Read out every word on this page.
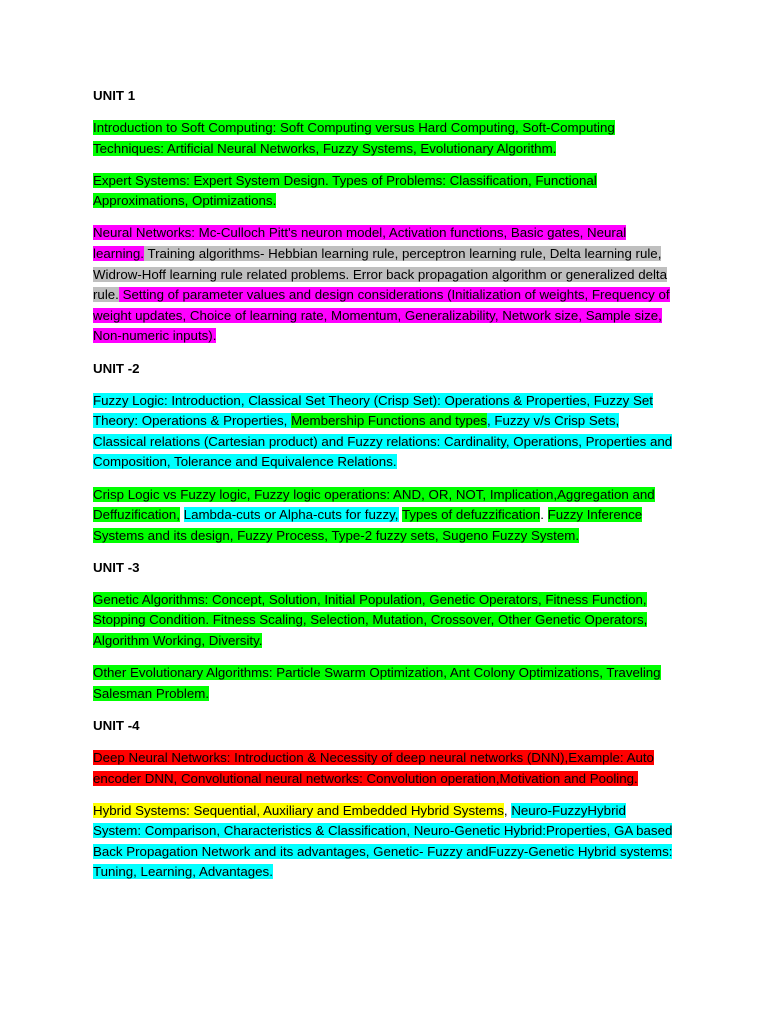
UNIT 1
Introduction to Soft Computing: Soft Computing versus Hard Computing, Soft-Computing Techniques: Artificial Neural Networks, Fuzzy Systems, Evolutionary Algorithm.
Expert Systems: Expert System Design. Types of Problems: Classification, Functional Approximations, Optimizations.
Neural Networks: Mc-Culloch Pitt's neuron model, Activation functions, Basic gates, Neural learning. Training algorithms- Hebbian learning rule, perceptron learning rule, Delta learning rule, Widrow-Hoff learning rule related problems. Error back propagation algorithm or generalized delta rule. Setting of parameter values and design considerations (Initialization of weights, Frequency of weight updates, Choice of learning rate, Momentum, Generalizability, Network size, Sample size, Non-numeric inputs).
UNIT -2
Fuzzy Logic: Introduction, Classical Set Theory (Crisp Set): Operations & Properties, Fuzzy Set Theory: Operations & Properties, Membership Functions and types, Fuzzy v/s Crisp Sets, Classical relations (Cartesian product) and Fuzzy relations: Cardinality, Operations, Properties and Composition, Tolerance and Equivalence Relations.
Crisp Logic vs Fuzzy logic, Fuzzy logic operations: AND, OR, NOT, Implication,Aggregation and Deffuzification, Lambda-cuts or Alpha-cuts for fuzzy, Types of defuzzification. Fuzzy Inference Systems and its design, Fuzzy Process, Type-2 fuzzy sets, Sugeno Fuzzy System.
UNIT -3
Genetic Algorithms: Concept, Solution, Initial Population, Genetic Operators, Fitness Function, Stopping Condition. Fitness Scaling, Selection, Mutation, Crossover, Other Genetic Operators, Algorithm Working, Diversity.
Other Evolutionary Algorithms: Particle Swarm Optimization, Ant Colony Optimizations, Traveling Salesman Problem.
UNIT -4
Deep Neural Networks: Introduction & Necessity of deep neural networks (DNN),Example: Auto encoder DNN, Convolutional neural networks: Convolution operation,Motivation and Pooling.
Hybrid Systems: Sequential, Auxiliary and Embedded Hybrid Systems, Neuro-FuzzyHybrid System: Comparison, Characteristics & Classification, Neuro-Genetic Hybrid:Properties, GA based Back Propagation Network and its advantages, Genetic- Fuzzy andFuzzy-Genetic Hybrid systems: Tuning, Learning, Advantages.
